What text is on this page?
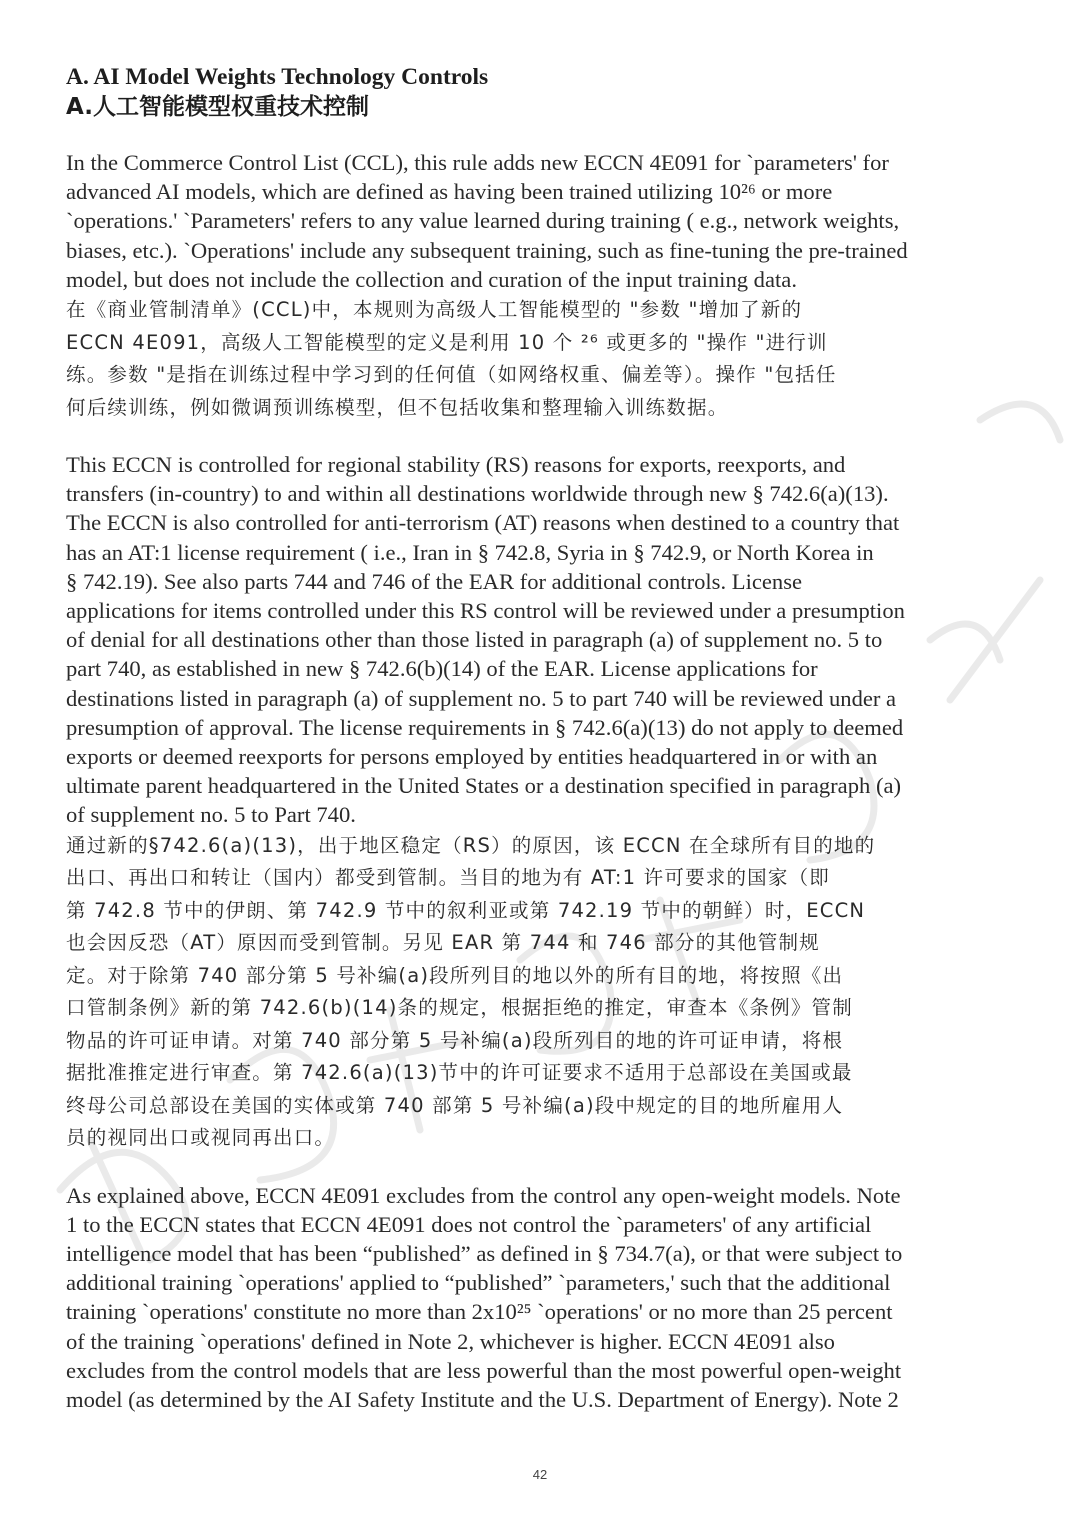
A. AI Model Weights Technology Controls
A.人工智能模型权重技术控制
In the Commerce Control List (CCL), this rule adds new ECCN 4E091 for `parameters' for
advanced AI models, which are defined as having been trained utilizing 10²⁶ or more
`operations.' `Parameters' refers to any value learned during training ( e.g., network weights,
biases, etc.). `Operations' include any subsequent training, such as fine-tuning the pre-trained
model, but does not include the collection and curation of the input training data.
在《商业管制清单》(CCL)中，本规则为高级人工智能模型的 "参数 "增加了新的
ECCN 4E091，高级人工智能模型的定义是利用 10 个 ²⁶ 或更多的 "操作 "进行训
练。参数 "是指在训练过程中学习到的任何值（如网络权重、偏差等）。操作 "包括任
何后续训练，例如微调预训练模型，但不包括收集和整理输入训练数据。
This ECCN is controlled for regional stability (RS) reasons for exports, reexports, and
transfers (in-country) to and within all destinations worldwide through new § 742.6(a)(13).
The ECCN is also controlled for anti-terrorism (AT) reasons when destined to a country that
has an AT:1 license requirement ( i.e., Iran in § 742.8, Syria in § 742.9, or North Korea in
§ 742.19). See also parts 744 and 746 of the EAR for additional controls. License
applications for items controlled under this RS control will be reviewed under a presumption
of denial for all destinations other than those listed in paragraph (a) of supplement no. 5 to
part 740, as established in new § 742.6(b)(14) of the EAR. License applications for
destinations listed in paragraph (a) of supplement no. 5 to part 740 will be reviewed under a
presumption of approval. The license requirements in § 742.6(a)(13) do not apply to deemed
exports or deemed reexports for persons employed by entities headquartered in or with an
ultimate parent headquartered in the United States or a destination specified in paragraph (a)
of supplement no. 5 to Part 740.
通过新的§742.6(a)(13)，出于地区稳定（RS）的原因，该 ECCN 在全球所有目的地的
出口、再出口和转让（国内）都受到管制。当目的地为有 AT:1 许可要求的国家（即
第 742.8 节中的伊朗、第 742.9 节中的叙利亚或第 742.19 节中的朝鲜）时，ECCN
也会因反恐（AT）原因而受到管制。另见 EAR 第 744 和 746 部分的其他管制规
定。对于除第 740 部分第 5 号补编(a)段所列目的地以外的所有目的地，将按照《出
口管制条例》新的第 742.6(b)(14)条的规定，根据拒绝的推定，审查本《条例》管制
物品的许可证申请。对第 740 部分第 5 号补编(a)段所列目的地的许可证申请，将根
据批准推定进行审查。第 742.6(a)(13)节中的许可证要求不适用于总部设在美国或最
终母公司总部设在美国的实体或第 740 部第 5 号补编(a)段中规定的目的地所雇用人
员的视同出口或视同再出口。
As explained above, ECCN 4E091 excludes from the control any open-weight models. Note
1 to the ECCN states that ECCN 4E091 does not control the `parameters' of any artificial
intelligence model that has been “published” as defined in § 734.7(a), or that were subject to
additional training `operations' applied to “published” `parameters,' such that the additional
training `operations' constitute no more than 2x10²⁵ `operations' or no more than 25 percent
of the training `operations' defined in Note 2, whichever is higher. ECCN 4E091 also
excludes from the control models that are less powerful than the most powerful open-weight
model (as determined by the AI Safety Institute and the U.S. Department of Energy). Note 2
42
